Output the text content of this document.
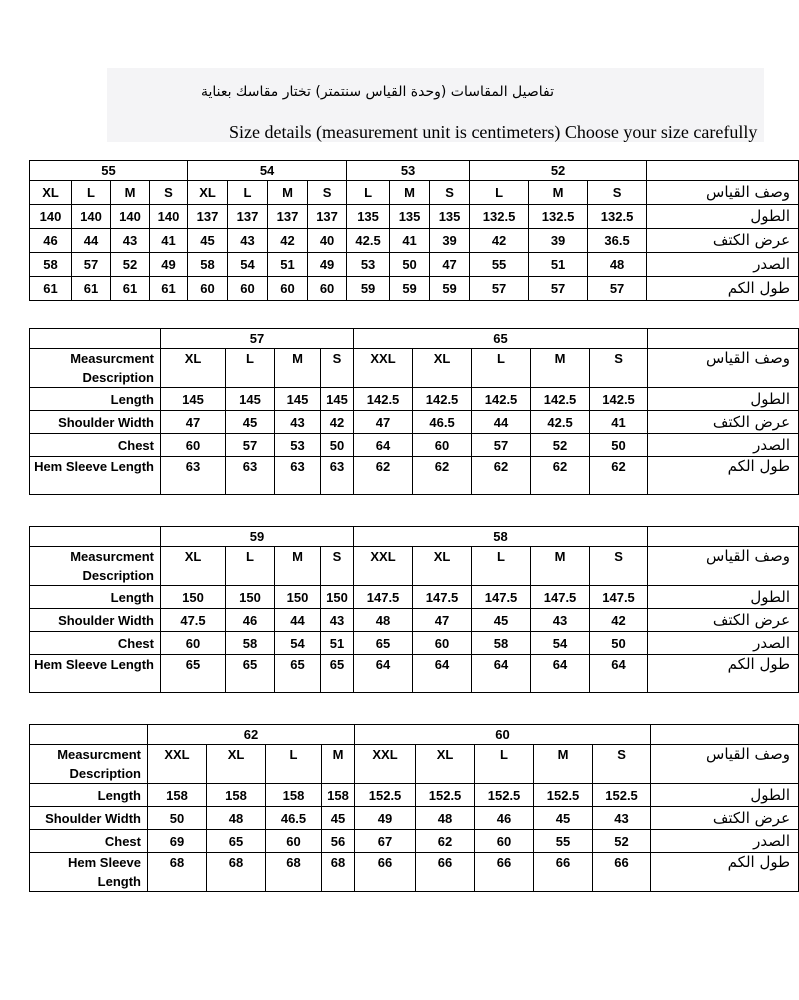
تفاصيل المقاسات (وحدة القياس سنتمتر) تختار مقاسك بعناية
Size details (measurement unit is centimeters) Choose your size carefully
55				54				53			52			
XL	L	M	S	XL	L	M	S	L	M	S	L	M	S	وصف القياس
140	140	140	140	137	137	137	137	135	135	135	132.5	132.5	132.5	الطول
46	44	43	41	45	43	42	40	42.5	41	39	42	39	36.5	عرض الكتف
58	57	52	49	58	54	51	49	53	50	47	55	51	48	الصدر
61	61	61	61	60	60	60	60	59	59	59	57	57	57	طول الكم
	57				65					
Measurcment Description	XL	L	M	S	XXL	XL	L	M	S	وصف القياس
Length	145	145	145	145	142.5	142.5	142.5	142.5	142.5	الطول
Shoulder Width	47	45	43	42	47	46.5	44	42.5	41	عرض الكتف
Chest	60	57	53	50	64	60	57	52	50	الصدر
Hem Sleeve Length	63	63	63	63	62	62	62	62	62	طول الكم
	59				58					
Measurcment Description	XL	L	M	S	XXL	XL	L	M	S	وصف القياس
Length	150	150	150	150	147.5	147.5	147.5	147.5	147.5	الطول
Shoulder Width	47.5	46	44	43	48	47	45	43	42	عرض الكتف
Chest	60	58	54	51	65	60	58	54	50	الصدر
Hem Sleeve Length	65	65	65	65	64	64	64	64	64	طول الكم
	62				60					
Measurcment Description	XXL	XL	L	M	XXL	XL	L	M	S	وصف القياس
Length	158	158	158	158	152.5	152.5	152.5	152.5	152.5	الطول
Shoulder Width	50	48	46.5	45	49	48	46	45	43	عرض الكتف
Chest	69	65	60	56	67	62	60	55	52	الصدر
Hem Sleeve Length	68	68	68	68	66	66	66	66	66	طول الكم
